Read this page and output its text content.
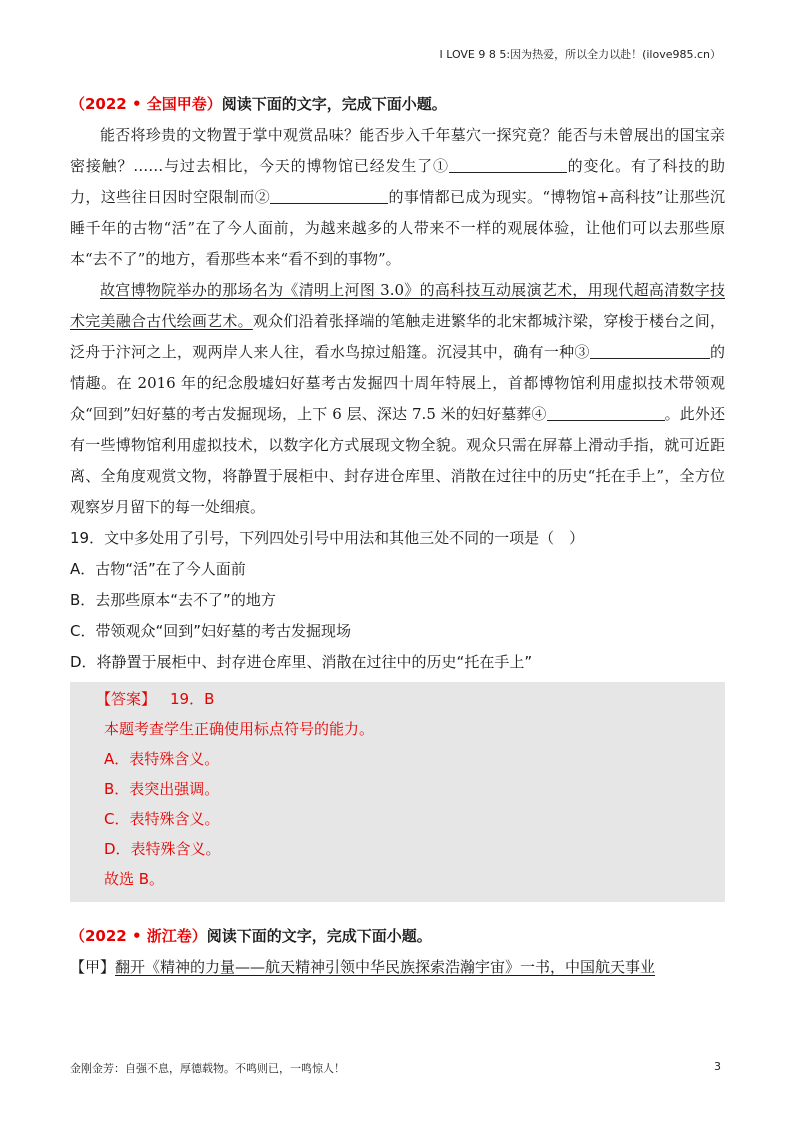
I LOVE 9 8 5:因为热爱，所以全力以赴！(ilove985.cn）
（2022 • 全国甲卷）阅读下面的文字，完成下面小题。

能否将珍贵的文物置于掌中观赏品味？能否步入千年墓穴一探究竟？能否与未曾展出的国宝亲密接触？……与过去相比，今天的博物馆已经发生了①	的变化。有了科技的助力，这些往日因时空限制而②	的事情都已成为现实。“博物馆+高科技”让那些沉睡千年的古物“活”在了今人面前，为越来越多的人带来不一样的观展体验，让他们可以去那些原本“去不了”的地方，看那些本来“看不到的事物”。

故宫博物院举办的那场名为《清明上河图 3.0》的高科技互动展演艺术，用现代超高清数字技术完美融合古代绘画艺术。观众们沿着张择端的笔触走进繁华的北宋都城汴梁，穿梭于楼台之间，泛舟于汴河之上，观两岸人来人往，看水鸟掠过船篷。沉浸其中，确有一种③	的情趣。在 2016 年的纪念殷墟妇好墓考古发掘四十周年特展上，首都博物馆利用虚拟技术带领观众“回到”妇好墓的考古发掘现场，上下 6 层、深达 7.5 米的妇好墓葬④	。此外还有一些博物馆利用虚拟技术，以数字化方式展现文物全貌。观众只需在屏幕上滑动手指，就可近距离、全角度观赏文物，将静置于展柜中、封存进仓库里、消散在过往中的历史“托在手上”，全方位观察岁月留下的每一处细痕。

19．文中多处用了引号，下列四处引号中用法和其他三处不同的一项是（　）

A．古物“活”在了今人面前

B．去那些原本“去不了”的地方

C．带领观众“回到”妇好墓的考古发掘现场

D．将静置于展柜中、封存进仓库里、消散在过往中的历史“托在手上”

【答案】 19．B
本题考查学生正确使用标点符号的能力。
A．表特殊含义。
B．表突出强调。
C．表特殊含义。
D．表特殊含义。
故选 B。
（2022 • 浙江卷）阅读下面的文字，完成下面小题。

【甲】翻开《精神的力量——航天精神引领中华民族探索浩瀚宇宙》一书，中国航天事业

金刚金芳：自强不息，厚德载物。不鸣则已，一鸣惊人！	3
